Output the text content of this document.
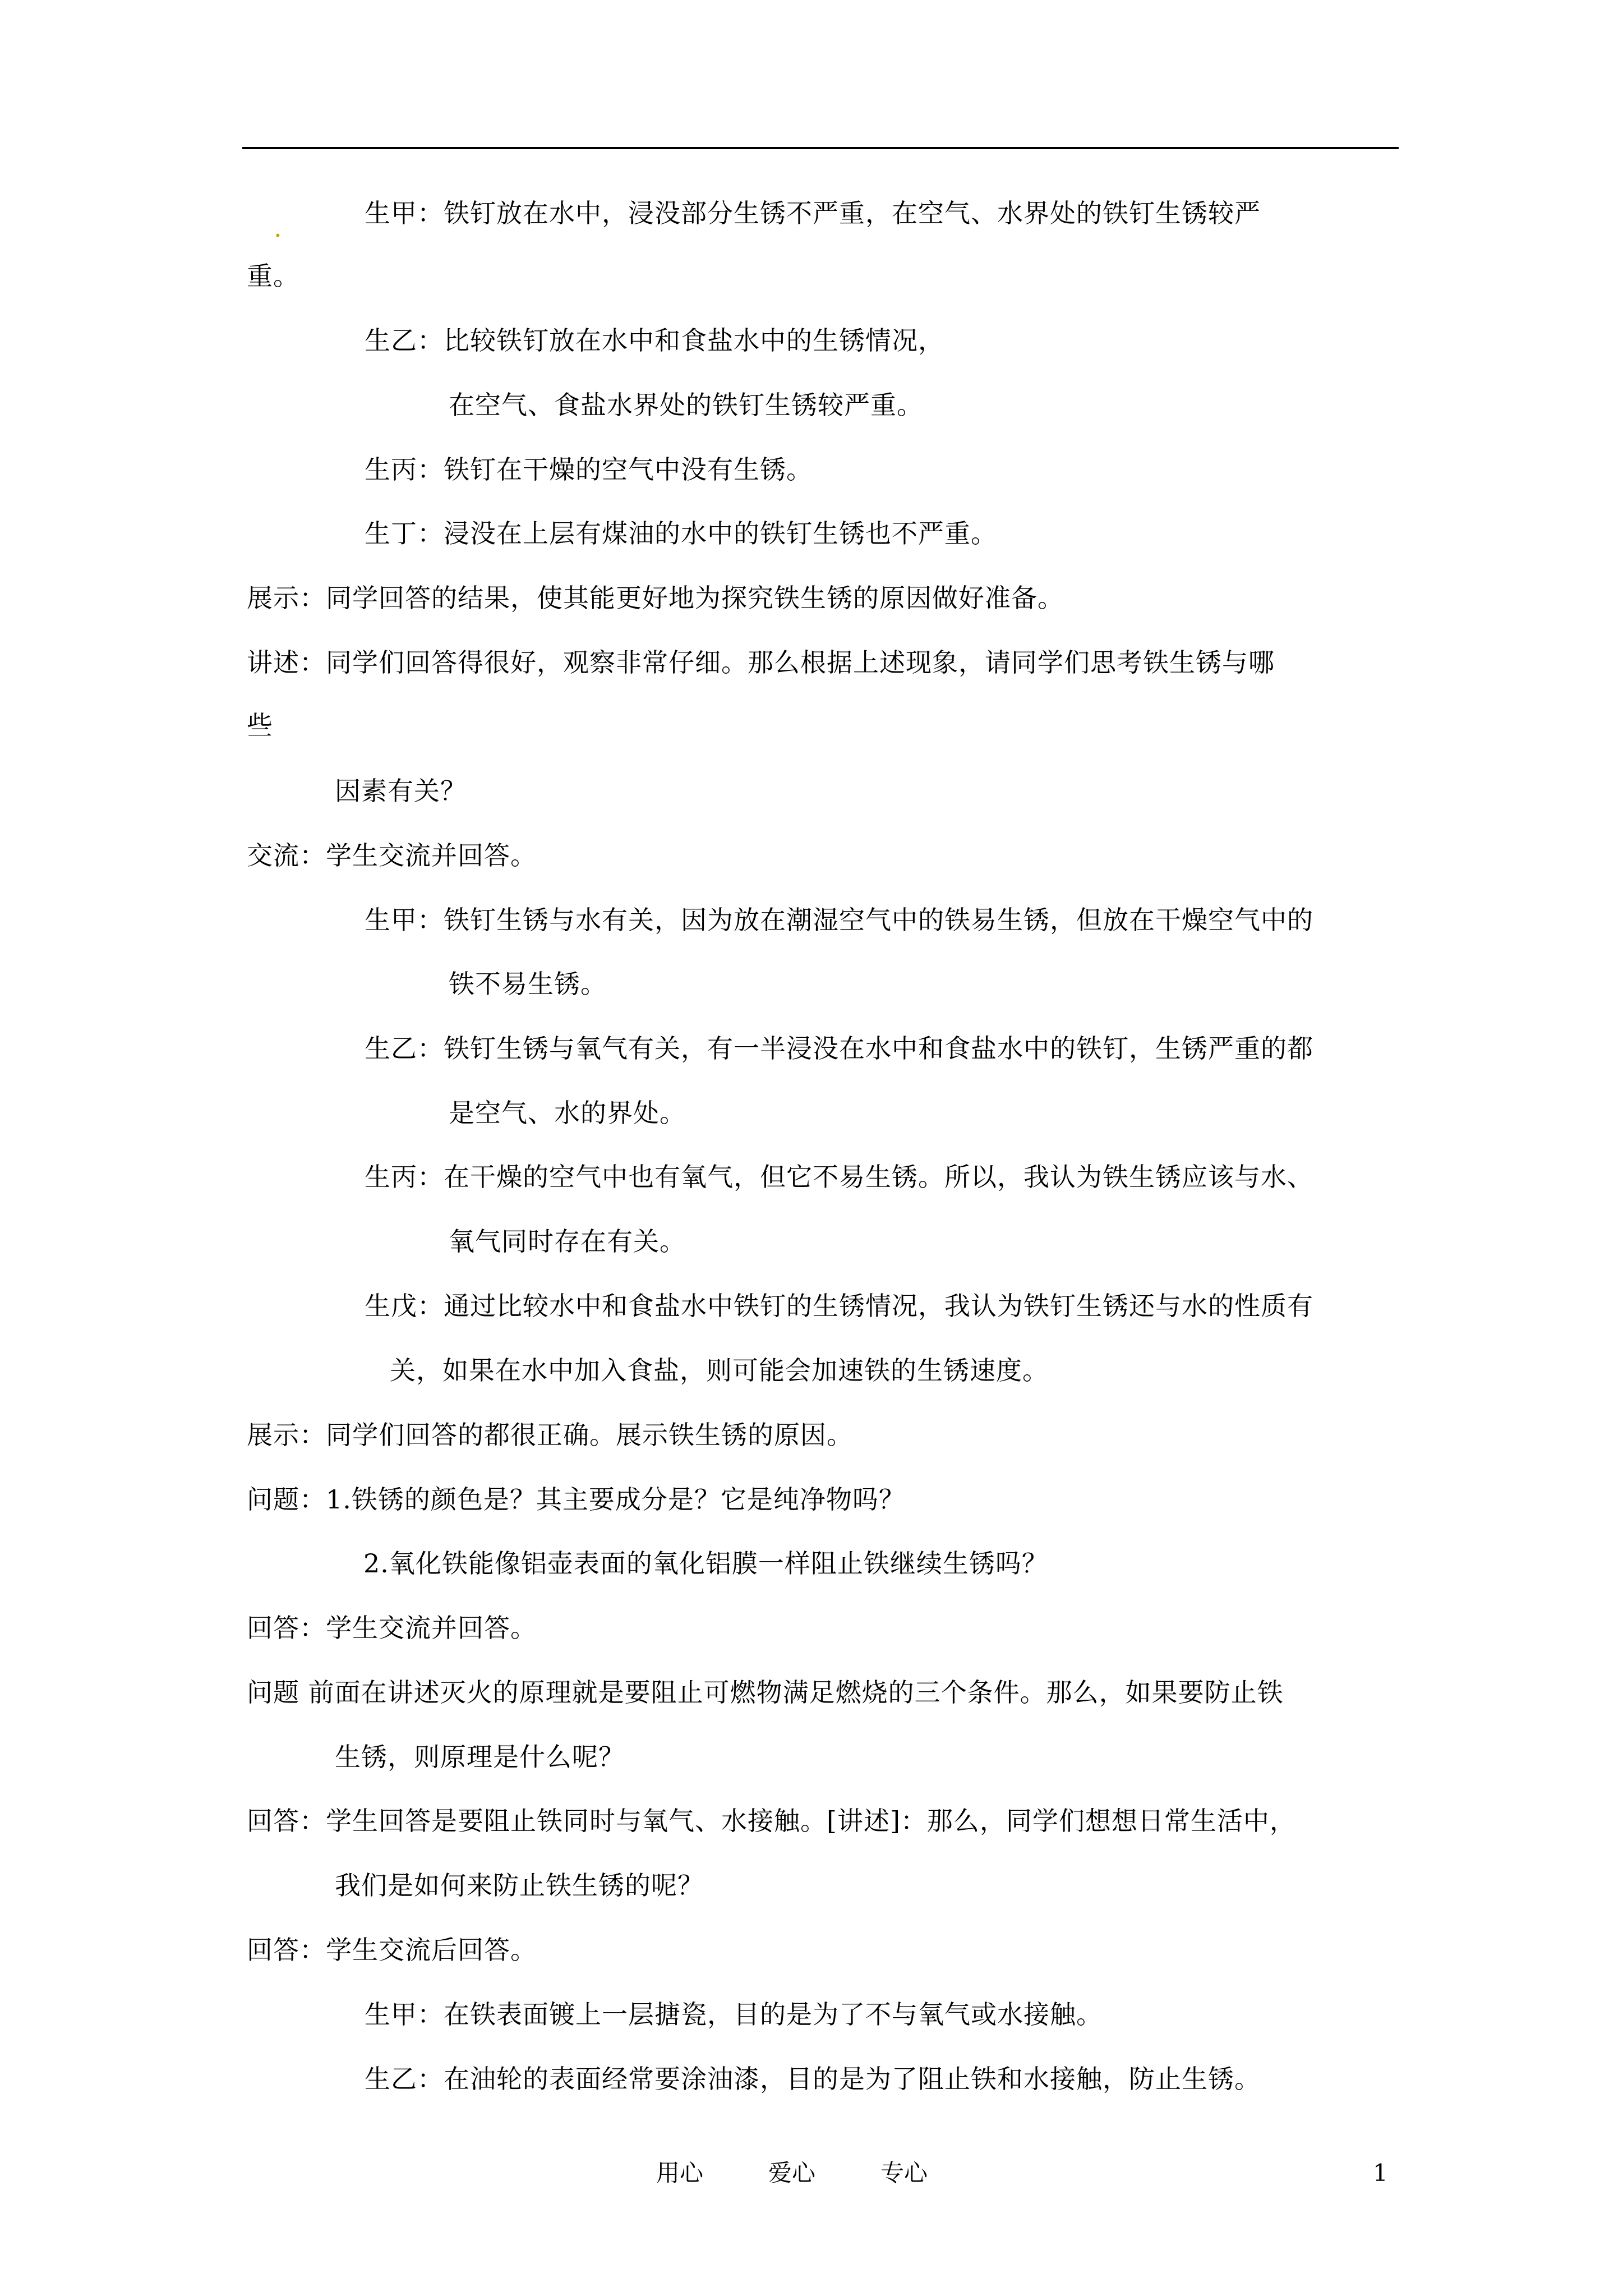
.	生甲：铁钉放在水中，浸没部分生锈不严重，在空气、水界处的铁钉生锈较严
重。
生乙：比较铁钉放在水中和食盐水中的生锈情况，
在空气、食盐水界处的铁钉生锈较严重。
生丙：铁钉在干燥的空气中没有生锈。
生丁：浸没在上层有煤油的水中的铁钉生锈也不严重。
展示：同学回答的结果，使其能更好地为探究铁生锈的原因做好准备。
讲述：同学们回答得很好，观察非常仔细。那么根据上述现象，请同学们思考铁生锈与哪
些
因素有关？
交流：学生交流并回答。
生甲：铁钉生锈与水有关，因为放在潮湿空气中的铁易生锈，但放在干燥空气中的
铁不易生锈。
生乙：铁钉生锈与氧气有关，有一半浸没在水中和食盐水中的铁钉，生锈严重的都
是空气、水的界处。
生丙：在干燥的空气中也有氧气，但它不易生锈。所以，我认为铁生锈应该与水、
氧气同时存在有关。
生戊：通过比较水中和食盐水中铁钉的生锈情况，我认为铁钉生锈还与水的性质有
关，如果在水中加入食盐，则可能会加速铁的生锈速度。
展示：同学们回答的都很正确。展示铁生锈的原因。
问题：1.铁锈的颜色是？其主要成分是？它是纯净物吗？
2.氧化铁能像铝壶表面的氧化铝膜一样阻止铁继续生锈吗？
回答：学生交流并回答。
问题 前面在讲述灭火的原理就是要阻止可燃物满足燃烧的三个条件。那么，如果要防止铁
生锈，则原理是什么呢？
回答：学生回答是要阻止铁同时与氧气、水接触。[讲述]：那么，同学们想想日常生活中，
我们是如何来防止铁生锈的呢？
回答：学生交流后回答。
生甲：在铁表面镀上一层搪瓷，目的是为了不与氧气或水接触。
生乙：在油轮的表面经常要涂油漆，目的是为了阻止铁和水接触，防止生锈。
用心	爱心	专心	1
